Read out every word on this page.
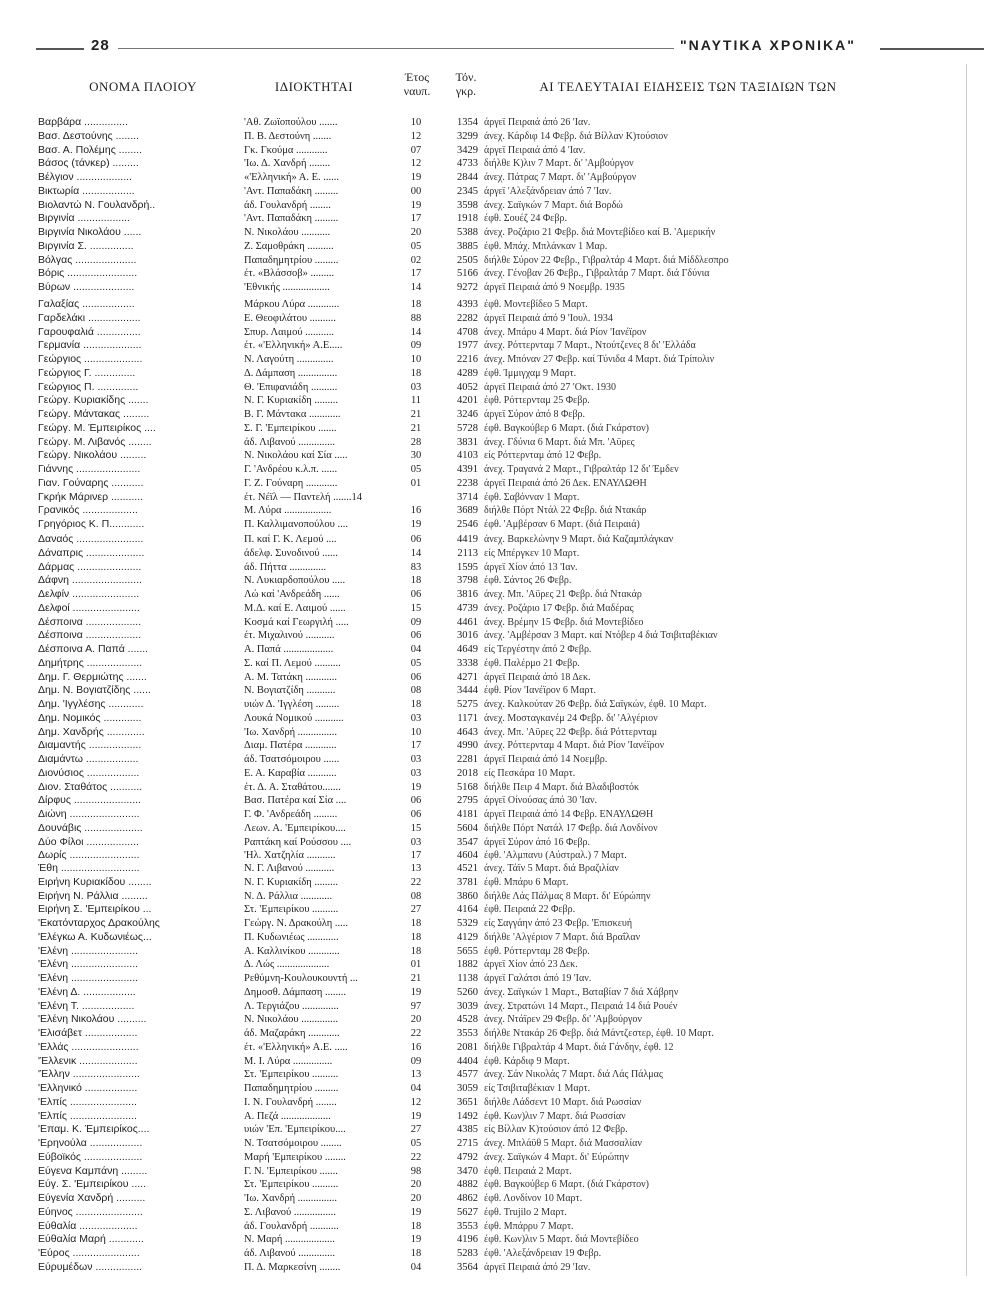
28	"ΝΑΥΤΙΚΑ ΧΡΟΝΙΚΑ"
ΟΝΟΜΑ ΠΛΟΙΟΥ	ΙΔΙΟΚΤΗΤΑΙ
Έτος
ναυπ.
Τόν.
γκρ.	ΑΙ ΤΕΛΕΥΤΑΙΑΙ ΕΙΔΗΣΕΙΣ ΤΩΝ ΤΑΞΙΔΙΩΝ ΤΩΝ
Βαρβάρα ...............	'Αθ. Ζωϊοπούλου .......	10	1354 άργεϊ Πειραιά άπό 26 'Ιαν.
Βασ. Δεστούνης ........	Π. Β. Δεστούνη .......	12	3299 άνεχ. Κάρδιφ 14 Φεβρ. διά Βίλλαν Κ)τούσιον
Βασ. Α. Πολέμης ........	Γκ. Γκούμα ............	07	3429 άργεϊ Πειραιά άπό 4 'Ιαν.
Βάσος (τάνκερ) .........	'Ιω. Δ. Χανδρή ........	12	4733 διήλθε Κ)λιν 7 Μαρτ. δι' 'Αμβούργον
Βέλγιον ...................	«'Ελληνική» Α. Ε. ......	19	2844 άνεχ. Πάτρας 7 Μαρτ. δι' 'Αμβούργον
Βικτωρία ..................	'Αντ. Παπαδάκη .........	00	2345 άργεϊ 'Αλεξάνδρειαν άπό 7 'Ιαν.
Βιολαντώ Ν. Γουλανδρή..	άδ. Γουλανδρή ........	19	3598 άνεχ. Σαϊγκών 7 Μαρτ. διά Βορδώ
Βιργινία ..................	'Αντ. Παπαδάκη .........	17	1918 έφθ. Σουέζ 24 Φεβρ.
Βιργινία Νικολάου ......	Ν. Νικολάου ...........	20	5388 άνεχ. Ροζάριο 21 Φεβρ. διά Μοντεβίδεο καί Β. 'Αμερικήν
Βιργινία Σ. ...............	Ζ. Σαμοθράκη ..........	05	3885 έφθ. Μπάχ. Μπλάνκαν 1 Μαρ.
Βόλγας .....................	Παπαδημητρίου .........	02	2505 διήλθε Σύρον 22 Φεβρ., Γιβραλτάρ 4 Μαρτ. διά Μίδδλεσπρο
Βόρις ........................	έτ. «Βλάσσοβ» .........	17	5166 άνεχ. Γένοβαν 26 Φεβρ., Γιβραλτάρ 7 Μαρτ. διά Γδύνια
Βύρων .....................	'Εθνικής ..................	14	9272 άργεϊ Πειραιά άπό 9 Νοεμβρ. 1935
Γαλαξίας ..................	Μάρκου Λύρα ............	18	4393 έφθ. Μοντεβίδεο 5 Μαρτ.
Γαρδελάκι ..................	Ε. Θεοφιλάτου ..........	88	2282 άργεϊ Πειραιά άπό 9 'Ιουλ. 1934
Γαρουφαλιά ...............	Σπυρ. Λαιμού ...........	14	4708 άνεχ. Μπάρυ 4 Μαρτ. διά Ρίον 'Ιανέϊρον
Γερμανία ....................	έτ. «'Ελληνική» Α.Ε.....	09	1977 άνεχ. Ρόττερνταμ 7 Μαρτ., Ντούτζενες 8 δι' 'Ελλάδα
Γεώργιος ....................	Ν. Λαγούτη ..............	10	2216 άνεχ. Μπόναν 27 Φεβρ. καί Τύνιδα 4 Μαρτ. διά Τρίπολιν
Γεώργιος Γ. ..............	Δ. Δάμπαση ...............	18	4289 έφθ. Ίμμιγχαμ 9 Μαρτ.
Γεώργιος Π. ..............	Θ. 'Επιφανιάδη ..........	03	4052 άργεϊ Πειραιά άπό 27 'Οκτ. 1930
Γεώργ. Κυριακίδης .......	Ν. Γ. Κυριακίδη .........	11	4201 έφθ. Ρόττερνταμ 25 Φεβρ.
Γεώργ. Μάντακας .........	Β. Γ. Μάντακα ............	21	3246 άργεϊ Σύρον άπό 8 Φεβρ.
Γεώργ. Μ. Έμπειρίκος ....	Σ. Γ. 'Εμπειρίκου .......	21	5728 έφθ. Βαγκούβερ 6 Μαρτ. (διά Γκάρστον)
Γεώργ. Μ. Λιβανός ........	άδ. Λιβανού ..............	28	3831 άνεχ. Γδύνια 6 Μαρτ. διά Μπ. 'Αϋρες
Γεώργ. Νικολάου .........	Ν. Νικολάου καί Σία .....	30	4103 είς Ρόττερνταμ άπό 12 Φεβρ.
Γιάννης ......................	Γ. 'Ανδρέου κ.λ.π. ......	05	4391 άνεχ. Τραγανά 2 Μαρτ., Γιβραλτάρ 12 δι' Έμδεν
Γιαν. Γούναρης ...........	Γ. Ζ. Γούναρη ............	01	2238 άργεϊ Πειραιά άπό 26 Δεκ. ΕΝΑΥΛΩΘΗ
Γκρήκ Μάρινερ ...........	έτ. Νέϊλ — Παντελή .......14	3714 έφθ. Σαβόνναν 1 Μαρτ.
Γρανικός ...................	Μ. Λύρα ..................	16	3689 διήλθε Πόρτ Ντάλ 22 Φεβρ. διά Ντακάρ
Γρηγόριος Κ. Π............	Π. Καλλιμανοπούλου ....	19	2546 έφθ. 'Αμβέρσαν 6 Μαρτ. (διά Πειραιά)
Δαναός .......................	Π. καί Γ. Κ. Λεμού ....	06	4419 άνεχ. Βαρκελώνην 9 Μαρτ. διά Καζαμπλάγκαν
Δάναπρις ....................	άδελφ. Συνοδινού ......	14	2113 είς Μπέργκεν 10 Μαρτ.
Δάρμας ......................	άδ. Πήττα ..............	83	1595 άργεϊ Χίον άπό 13 'Ιαν.
Δάφνη ........................	Ν. Λυκιαρδοπούλου .....	18	3798 έφθ. Σάντος 26 Φεβρ.
Δελφίν .......................	Λώ καί 'Ανδρεάδη ......	06	3816 άνεχ. Μπ. 'Αϋρες 21 Φεβρ. διά Ντακάρ
Δελφοί .......................	Μ.Δ. καί Ε. Λαιμού ......	15	4739 άνεχ. Ροζάριο 17 Φεβρ. διά Μαδέρας
Δέσποινα ...................	Κοσμά καί Γεωργιλή .....	09	4461 άνεχ. Βρέμην 15 Φεβρ. διά Μοντεβίδεο
Δέσποινα ...................	έτ. Μιχαλινού ...........	06	3016 άνεχ. 'Αμβέρσαν 3 Μαρτ. καί Ντόβερ 4 διά Τσιβιταβέκιαν
Δέσποινα Α. Παπά .......	Α. Παπά ...................	04	4649 είς Τεργέστην άπό 2 Φεβρ.
Δημήτρης ...................	Σ. καί Π. Λεμού ..........	05	3338 έφθ. Παλέρμο 21 Φεβρ.
Δημ. Γ. Θερμιώτης .......	Α. Μ. Τατάκη ............	06	4271 άργεϊ Πειραιά άπό 18 Δεκ.
Δημ. Ν. Βογιατζίδης ......	Ν. Βογιατζίδη ...........	08	3444 έφθ. Ρίον 'Ιανέϊρον 6 Μαρτ.
Δημ. 'Ιγγλέσης ............	υιών Δ. 'Ιγγλέση .........	18	5275 άνεχ. Καλκούταν 26 Φεβρ. διά Σαϊγκών, έφθ. 10 Μαρτ.
Δημ. Νομικός .............	Λουκά Νομικού ...........	03	1171 άνεχ. Μοσταγκανέμ 24 Φεβρ. δι' 'Αλγέριον
Δημ. Χανδρής .............	'Ιω. Χανδρή ...............	10	4643 άνεχ. Μπ. 'Αϋρες 22 Φεβρ. διά Ρόττερνταμ
Διαμαντής ..................	Διαμ. Πατέρα ............	17	4990 άνεχ. Ρόττερνταμ 4 Μαρτ. διά Ρίον 'Ιανέϊρον
Διαμάντω ..................	άδ. Τσατσόμοιρου ......	03	2281 άργεϊ Πειραιά άπό 14 Νοεμβρ.
Διονύσιος ..................	Ε. Α. Καραβία ...........	03	2018 είς Πεσκάρα 10 Μαρτ.
Διον. Σταθάτος ...........	έτ. Δ. Α. Σταθάτου.......	19	5168 διήλθε Πειρ 4 Μαρτ. διά Βλαδιβοστόκ
Δίρφυς .......................	Βασ. Πατέρα καί Σία ....	06	2795 άργεϊ Οίνούσας άπό 30 'Ιαν.
Διώνη ........................	Γ. Φ. 'Ανδρεάδη .........	06	4181 άργεϊ Πειραιά άπό 14 Φεβρ. ΕΝΑΥΛΩΘΗ
Δουνάβις ....................	Λεων. Α. 'Εμπειρίκου....	15	5604 διήλθε Πόρτ Νατάλ 17 Φεβρ. διά Λονδίνον
Δύο Φίλοι ..................	Ραπτάκη καί Ρούσσου ....	03	3547 άργεϊ Σύρον άπό 16 Φεβρ.
Δωρίς ........................	'Ηλ. Χατζηλία ...........	17	4604 έφθ. 'Αλμπανυ (Αύστραλ.) 7 Μαρτ.
Έθη ...........................	Ν. Γ. Λιβανού ...........	13	4521 άνεχ. Τάϊν 5 Μαρτ. διά Βραζιλίαν
Ειρήνη Κυριακίδου ........	Ν. Γ. Κυριακίδη .........	22	3781 έφθ. Μπάρυ 6 Μαρτ.
Ειρήνη Ν. Ράλλια .........	Ν. Δ. Ράλλια ............	08	3860 διήλθε Λάς Πάλμας 8 Μαρτ. δι' Εύρώπην
Ειρήνη Σ. 'Εμπειρίκου ...	Στ. 'Εμπειρίκου ..........	27	4164 έφθ. Πειραιά 22 Φεβρ.
'Εκατόνταρχος Δρακούλης	Γεώργ. Ν. Δρακούλη .....	18	5329 είς Σαγγάην άπό 23 Φεβρ. 'Επισκευή
'Ελέγκω Α. Κυδωνιέως...	Π. Κυδωνιέως ............	18	4129 διήλθε 'Αλγέριον 7 Μαρτ. διά Βραΐλαν
'Ελένη .......................	Α. Καλλινίκου ............	18	5655 έφθ. Ρόττερνταμ 28 Φεβρ.
'Ελένη .......................	Δ. Λώς ....................	01	1882 άργεϊ Χίον άπό 23 Δεκ.
'Ελένη .......................	Ρεθύμνη-Κουλουκουντή ...	21	1138 άργεϊ Γαλάτσι άπό 19 'Ιαν.
'Ελένη Δ. ..................	Δημοσθ. Δάμπαση ........	19	5260 άνεχ. Σαϊγκών 1 Μαρτ., Βαταβίαν 7 διά Χάβρην
'Ελένη Τ. ..................	Λ. Τεργιάζου ..............	97	3039 άνεχ. Στρατώνι 14 Μαρτ., Πειραιά 14 διά Ρουέν
'Ελένη Νικολάου ..........	Ν. Νικολάου ..............	20	4528 άνεχ. Ντάϊρεν 29 Φεβρ. δι' 'Αμβούργον
'Ελισάβετ ..................	άδ. Μαζαράκη ............	22	3553 διήλθε Ντακάρ 26 Φεβρ. διά Μάντζεστερ, έφθ. 10 Μαρτ.
'Ελλάς .......................	έτ. «'Ελληνική» Α.Ε. .....	16	2081 διήλθε Γιβραλτάρ 4 Μαρτ. διά Γάνδην, έφθ. 12
'Έλλενικ ....................	Μ. Ι. Λύρα ...............	09	4404 έφθ. Κάρδιφ 9 Μαρτ.
'Έλλην .......................	Στ. 'Εμπειρίκου ..........	13	4577 άνεχ. Σάν Νικολάς 7 Μαρτ. διά Λάς Πάλμας
'Ελληνικό ..................	Παπαδημητρίου .........	04	3059 είς Τσιβιταβέκιαν 1 Μαρτ.
'Ελπίς .......................	Ι. Ν. Γουλανδρή ........	12	3651 διήλθε Λάδσεντ 10 Μαρτ. διά Ρωσσίαν
'Ελπίς .......................	Α. Πεζά ...................	19	1492 έφθ. Κων)λιν 7 Μαρτ. διά Ρωσσίαν
'Επαμ. Κ. Έμπειρίκος....	υιών 'Επ. 'Εμπειρίκου....	27	4385 είς Βίλλαν Κ)τούσιον άπό 12 Φεβρ.
'Ερηνούλα ..................	Ν. Τσατσόμοιρου ........	05	2715 άνεχ. Μπλάϋθ 5 Μαρτ. διά Μασσαλίαν
Εύβοϊκός ....................	Μαρή 'Εμπειρίκου ........	22	4792 άνεχ. Σαϊγκών 4 Μαρτ. δι' Εύρώπην
Εύγενα Καμπάνη .........	Γ. Ν. 'Εμπειρίκου .......	98	3470 έφθ. Πειραιά 2 Μαρτ.
Εύγ. Σ. 'Εμπειρίκου .....	Στ. 'Εμπειρίκου ..........	20	4882 έφθ. Βαγκούβερ 6 Μαρτ. (διά Γκάρστον)
Εύγενία Χανδρή ..........	'Ιω. Χανδρή ...............	20	4862 έφθ. Λονδίνον 10 Μαρτ.
Εύηνος .......................	Σ. Λιβανού ................	19	5627 έφθ. Trujilo 2 Μαρτ.
Εύθαλία ....................	άδ. Γουλανδρή ...........	18	3553 έφθ. Μπάρρυ 7 Μαρτ.
Εύθαλία Μαρή ............	Ν. Μαρή ...................	19	4196 έφθ. Κων)λιν 5 Μαρτ. διά Μοντεβίδεο
'Εύρος .......................	άδ. Λιβανού ..............	18	5283 έφθ. 'Αλεξάνδρειαν 19 Φεβρ.
Εύρυμέδων ................	Π. Δ. Μαρκεσίνη ........	04	3564 άργεϊ Πειραιά άπό 29 'Ιαν.
